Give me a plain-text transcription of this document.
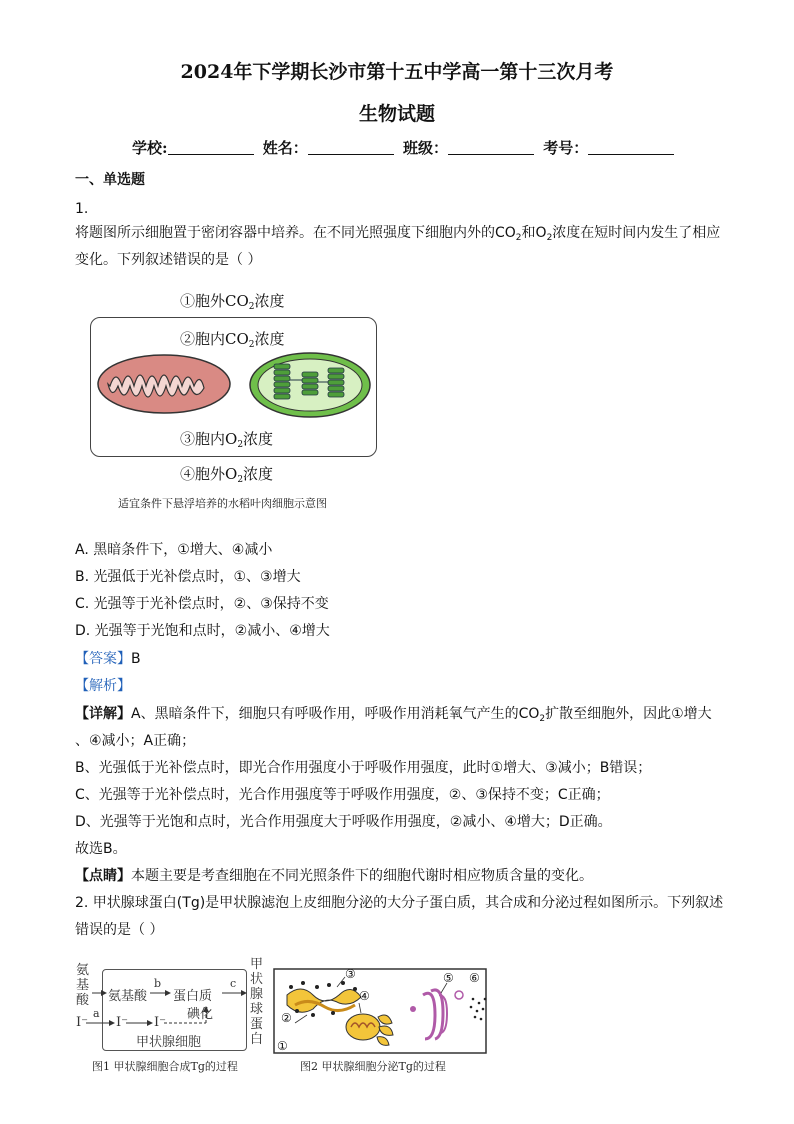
2024年下学期长沙市第十五中学高一第十三次月考
生物试题
学校:	姓名：	班级：	考号：
一、单选题
1.
将题图所示细胞置于密闭容器中培养。在不同光照强度下细胞内外的$CO_2$和$O_2$浓度在短时间内发生了相应
变化。下列叙述错误的是（ ）
①胞外$CO_2$浓度
②胞内$CO_2$浓度
③胞内$O_2$浓度
④胞外$O_2$浓度
适宜条件下悬浮培养的水稻叶肉细胞示意图
A. 黑暗条件下，①增大、④减小
B. 光强低于光补偿点时，①、③增大
C. 光强等于光补偿点时，②、③保持不变
D. 光强等于光饱和点时，②减小、④增大
【答案】B
【解析】
【详解】A、黑暗条件下，细胞只有呼吸作用，呼吸作用消耗氧气产生的$CO_2$扩散至细胞外，因此①增大
、④减小；A正确；
B、光强低于光补偿点时，即光合作用强度小于呼吸作用强度，此时①增大、③减小；B错误；
C、光强等于光补偿点时，光合作用强度等于呼吸作用强度，②、③保持不变；C正确；
D、光强等于光饱和点时，光合作用强度大于呼吸作用强度，②减小、④增大；D正确。
故选B。
【点睛】本题主要是考查细胞在不同光照条件下的细胞代谢时相应物质含量的变化。
2. 甲状腺球蛋白(Tg)是甲状腺滤泡上皮细胞分泌的大分子蛋白质，其合成和分泌过程如图所示。下列叙述
错误的是（ ）
氨
基
酸
I⁻
氨基酸 蛋白质
碘化
I⁻ I⁻
甲状腺细胞
a
b	c
甲
状
腺
球
蛋
白
③
④
②
①
⑤ ⑥
图1 甲状腺细胞合成Tg的过程	图2 甲状腺细胞分泌Tg的过程
